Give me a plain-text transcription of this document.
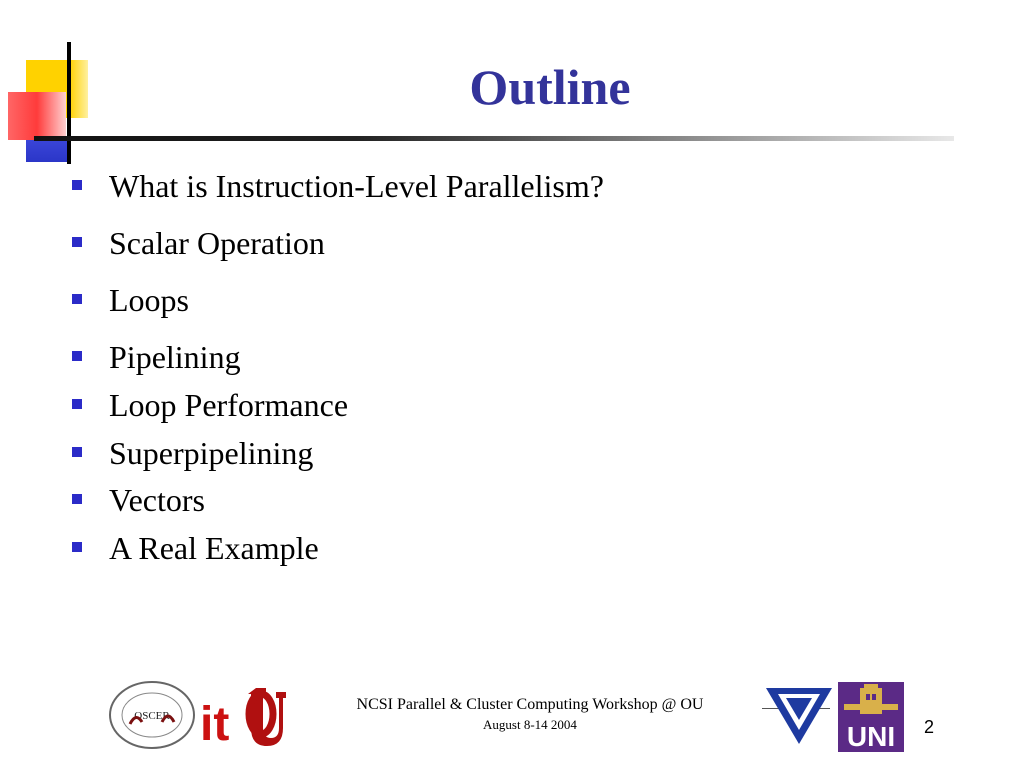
Outline
What is Instruction-Level Parallelism?
Scalar Operation
Loops
Pipelining
Loop Performance
Superpipelining
Vectors
A Real Example
OSCER it	NCSI Parallel & Cluster Computing Workshop @ OU
August 8-14 2004	UNI 2
